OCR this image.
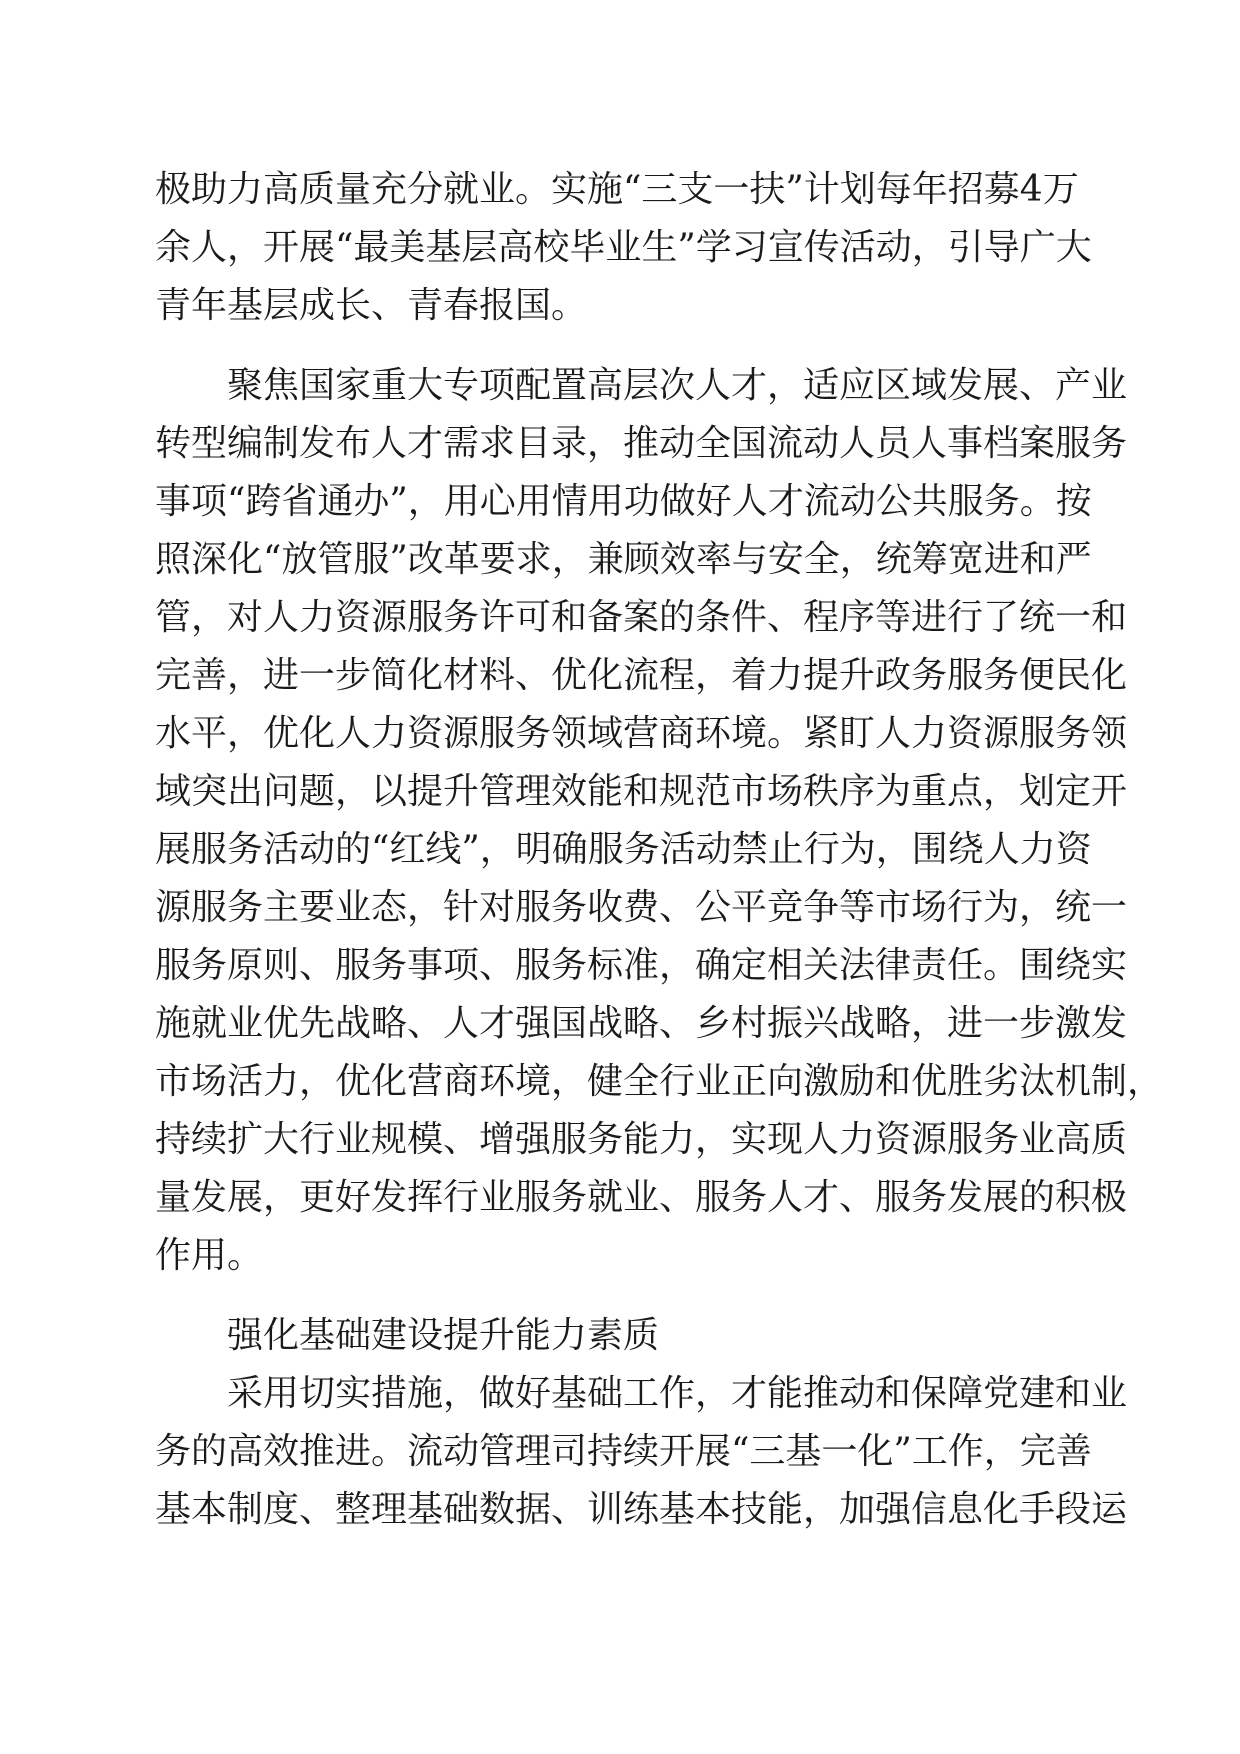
极助力高质量充分就业。实施“三支一扶”计划每年招募4万
余人，开展“最美基层高校毕业生”学习宣传活动，引导广大
青年基层成长、青春报国。
聚焦国家重大专项配置高层次人才，适应区域发展、产业
转型编制发布人才需求目录，推动全国流动人员人事档案服务
事项“跨省通办”，用心用情用功做好人才流动公共服务。按
照深化“放管服”改革要求，兼顾效率与安全，统筹宽进和严
管，对人力资源服务许可和备案的条件、程序等进行了统一和
完善，进一步简化材料、优化流程，着力提升政务服务便民化
水平，优化人力资源服务领域营商环境。紧盯人力资源服务领
域突出问题，以提升管理效能和规范市场秩序为重点，划定开
展服务活动的“红线”，明确服务活动禁止行为，围绕人力资
源服务主要业态，针对服务收费、公平竞争等市场行为，统一
服务原则、服务事项、服务标准，确定相关法律责任。围绕实
施就业优先战略、人才强国战略、乡村振兴战略，进一步激发
市场活力，优化营商环境，健全行业正向激励和优胜劣汰机制，
持续扩大行业规模、增强服务能力，实现人力资源服务业高质
量发展，更好发挥行业服务就业、服务人才、服务发展的积极
作用。
强化基础建设提升能力素质
采用切实措施，做好基础工作，才能推动和保障党建和业
务的高效推进。流动管理司持续开展“三基一化”工作，完善
基本制度、整理基础数据、训练基本技能，加强信息化手段运
